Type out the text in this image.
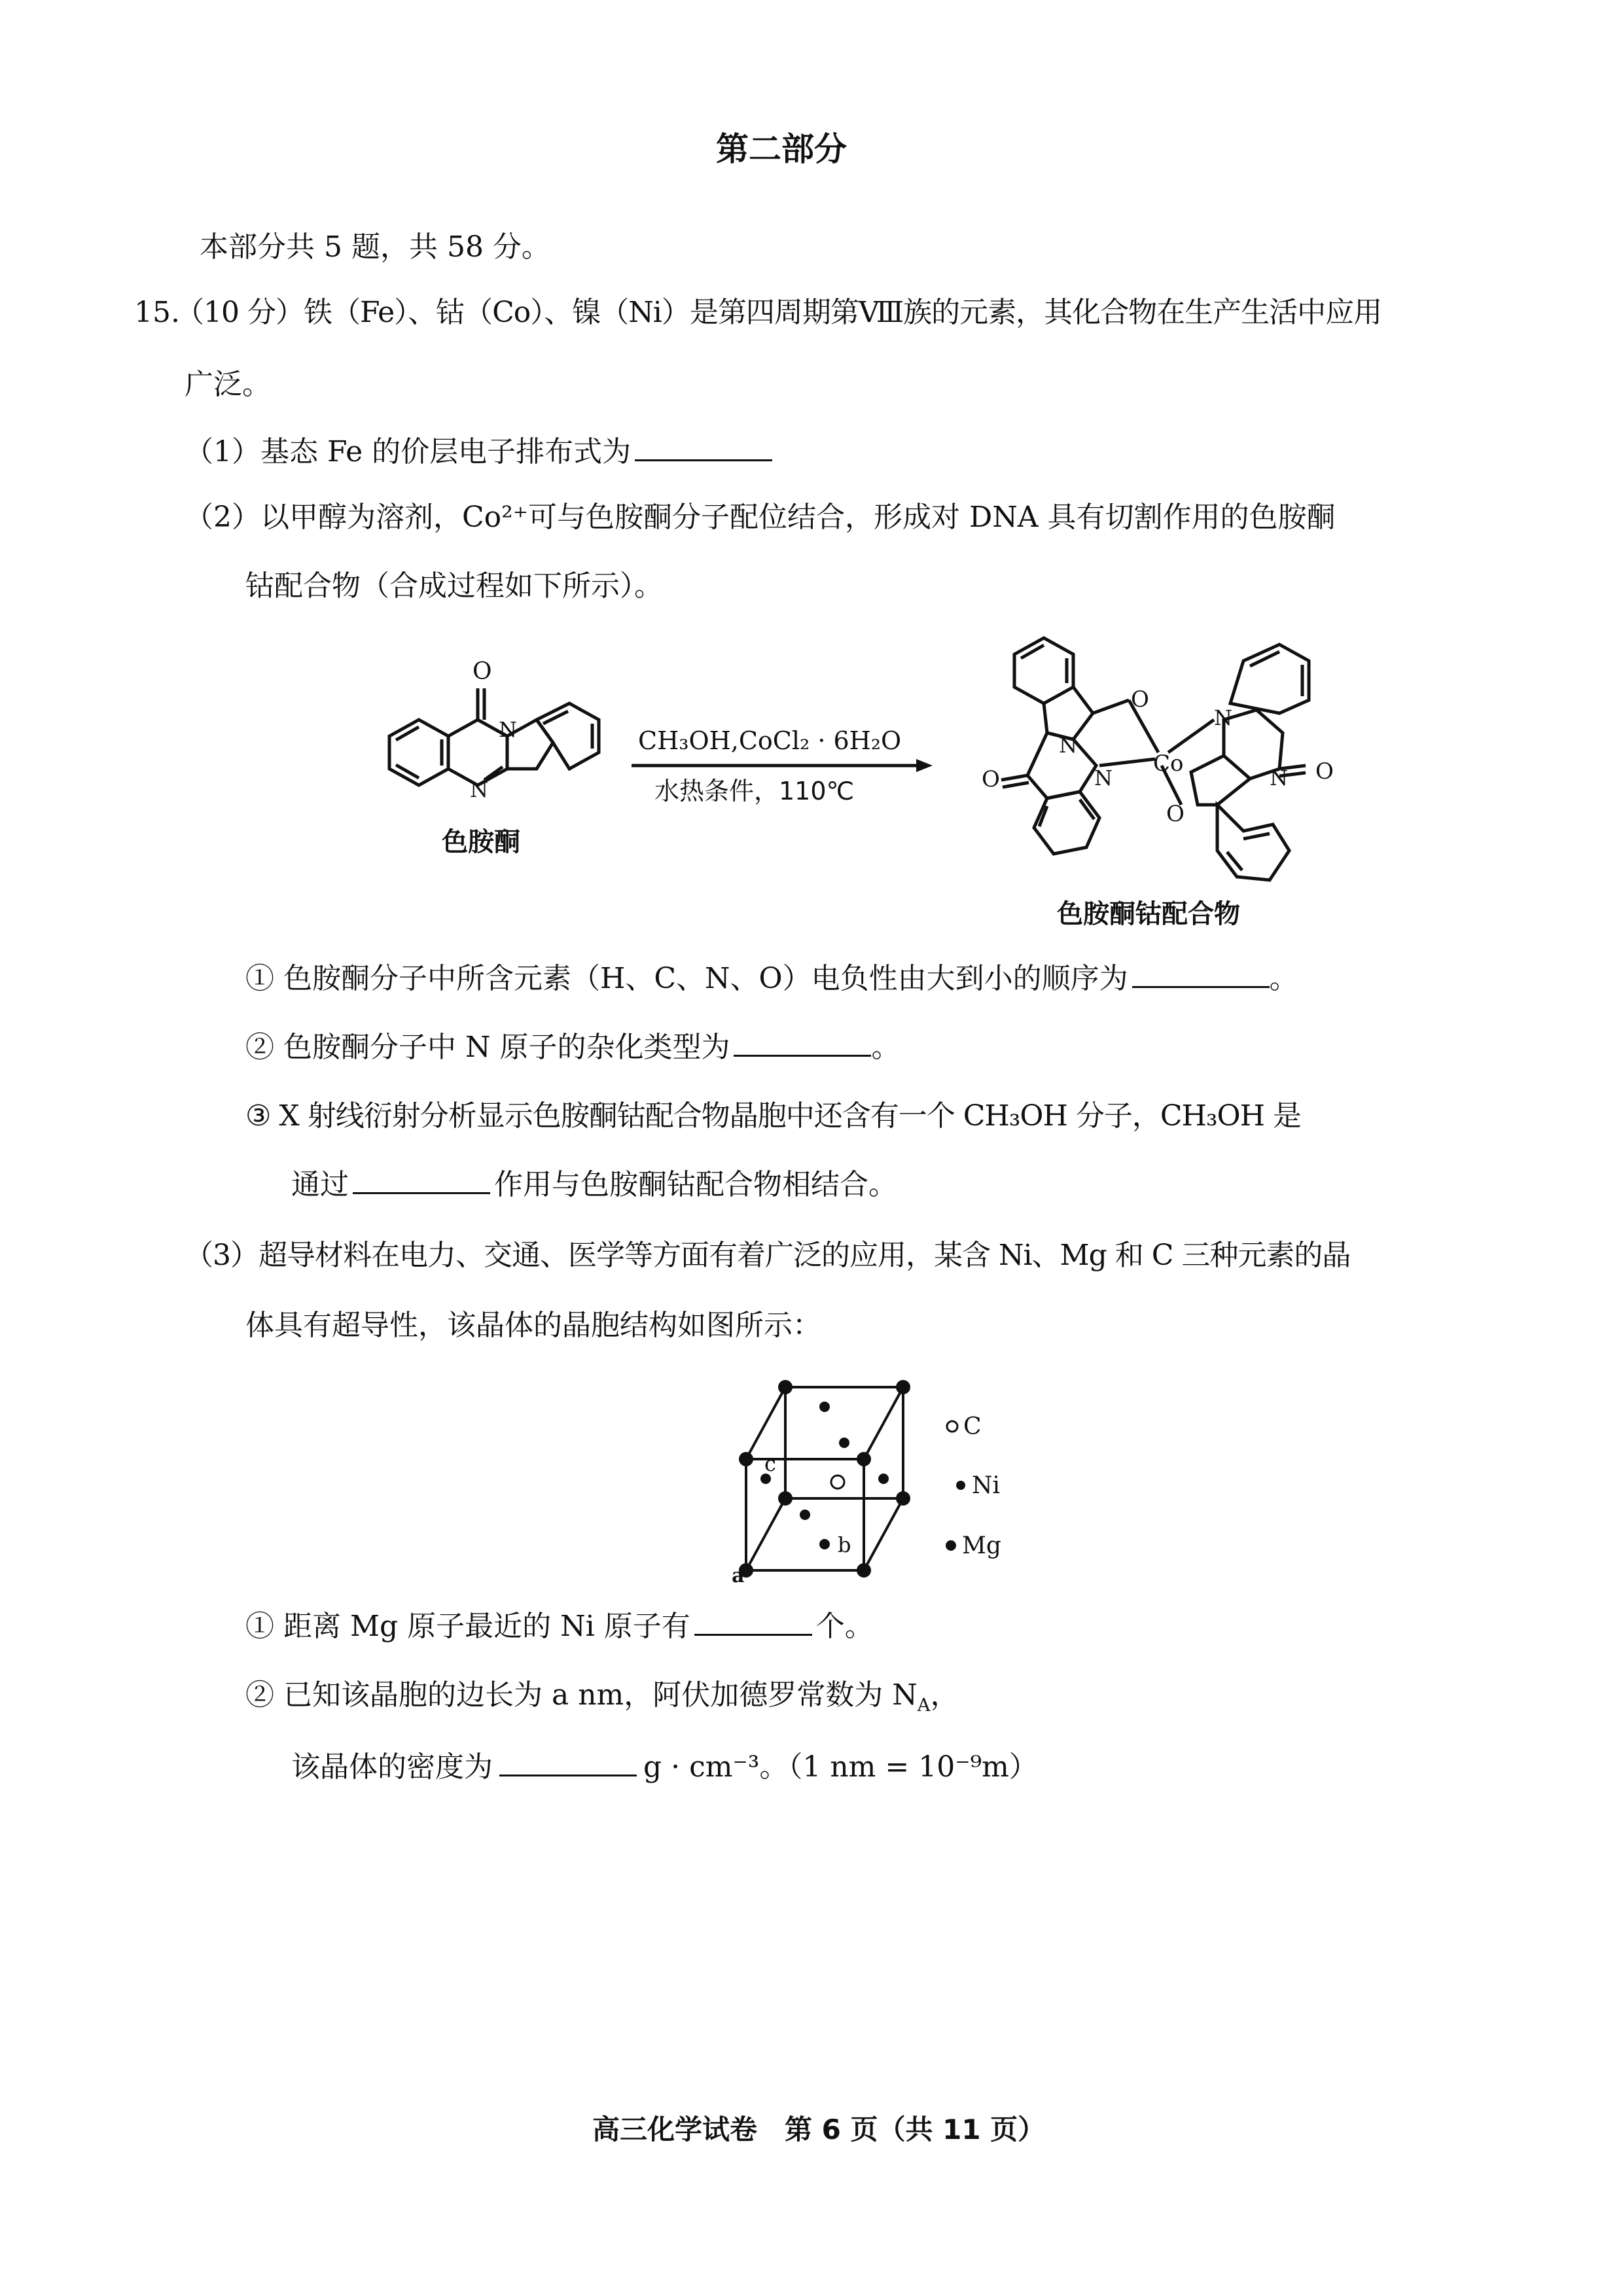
第二部分
本部分共 5 题，共 58 分。
15.
（10 分）铁（Fe）、钴（Co）、镍（Ni）是第四周期第Ⅷ族的元素，其化合物在生产生活中应用
广泛。
（1）基态 Fe 的价层电子排布式为
（2）以甲醇为溶剂，Co²⁺可与色胺酮分子配位结合，形成对 DNA 具有切割作用的色胺酮
钴配合物（合成过程如下所示）。
O
N
N
色胺酮
CH₃OH,CoCl₂ · 6H₂O
水热条件，110℃
O
N
Co
N
O
N
O
N O
色胺酮钴配合物
① 色胺酮分子中所含元素（H、C、N、O）电负性由大到小的顺序为	。
② 色胺酮分子中 N 原子的杂化类型为	。
③ X 射线衍射分析显示色胺酮钴配合物晶胞中还含有一个 CH₃OH 分子，CH₃OH 是
通过	作用与色胺酮钴配合物相结合。
（3）超导材料在电力、交通、医学等方面有着广泛的应用，某含 Ni、Mg 和 C 三种元素的晶
体具有超导性，该晶体的晶胞结构如图所示：
a
b
c
C
Ni
Mg
① 距离 Mg 原子最近的 Ni 原子有	个。
② 已知该晶胞的边长为 a nm，阿伏加德罗常数为 $N_A$，
该晶体的密度为	g · cm⁻³。（1 nm = 10⁻⁹m）
高三化学试卷　第 6 页（共 11 页）
